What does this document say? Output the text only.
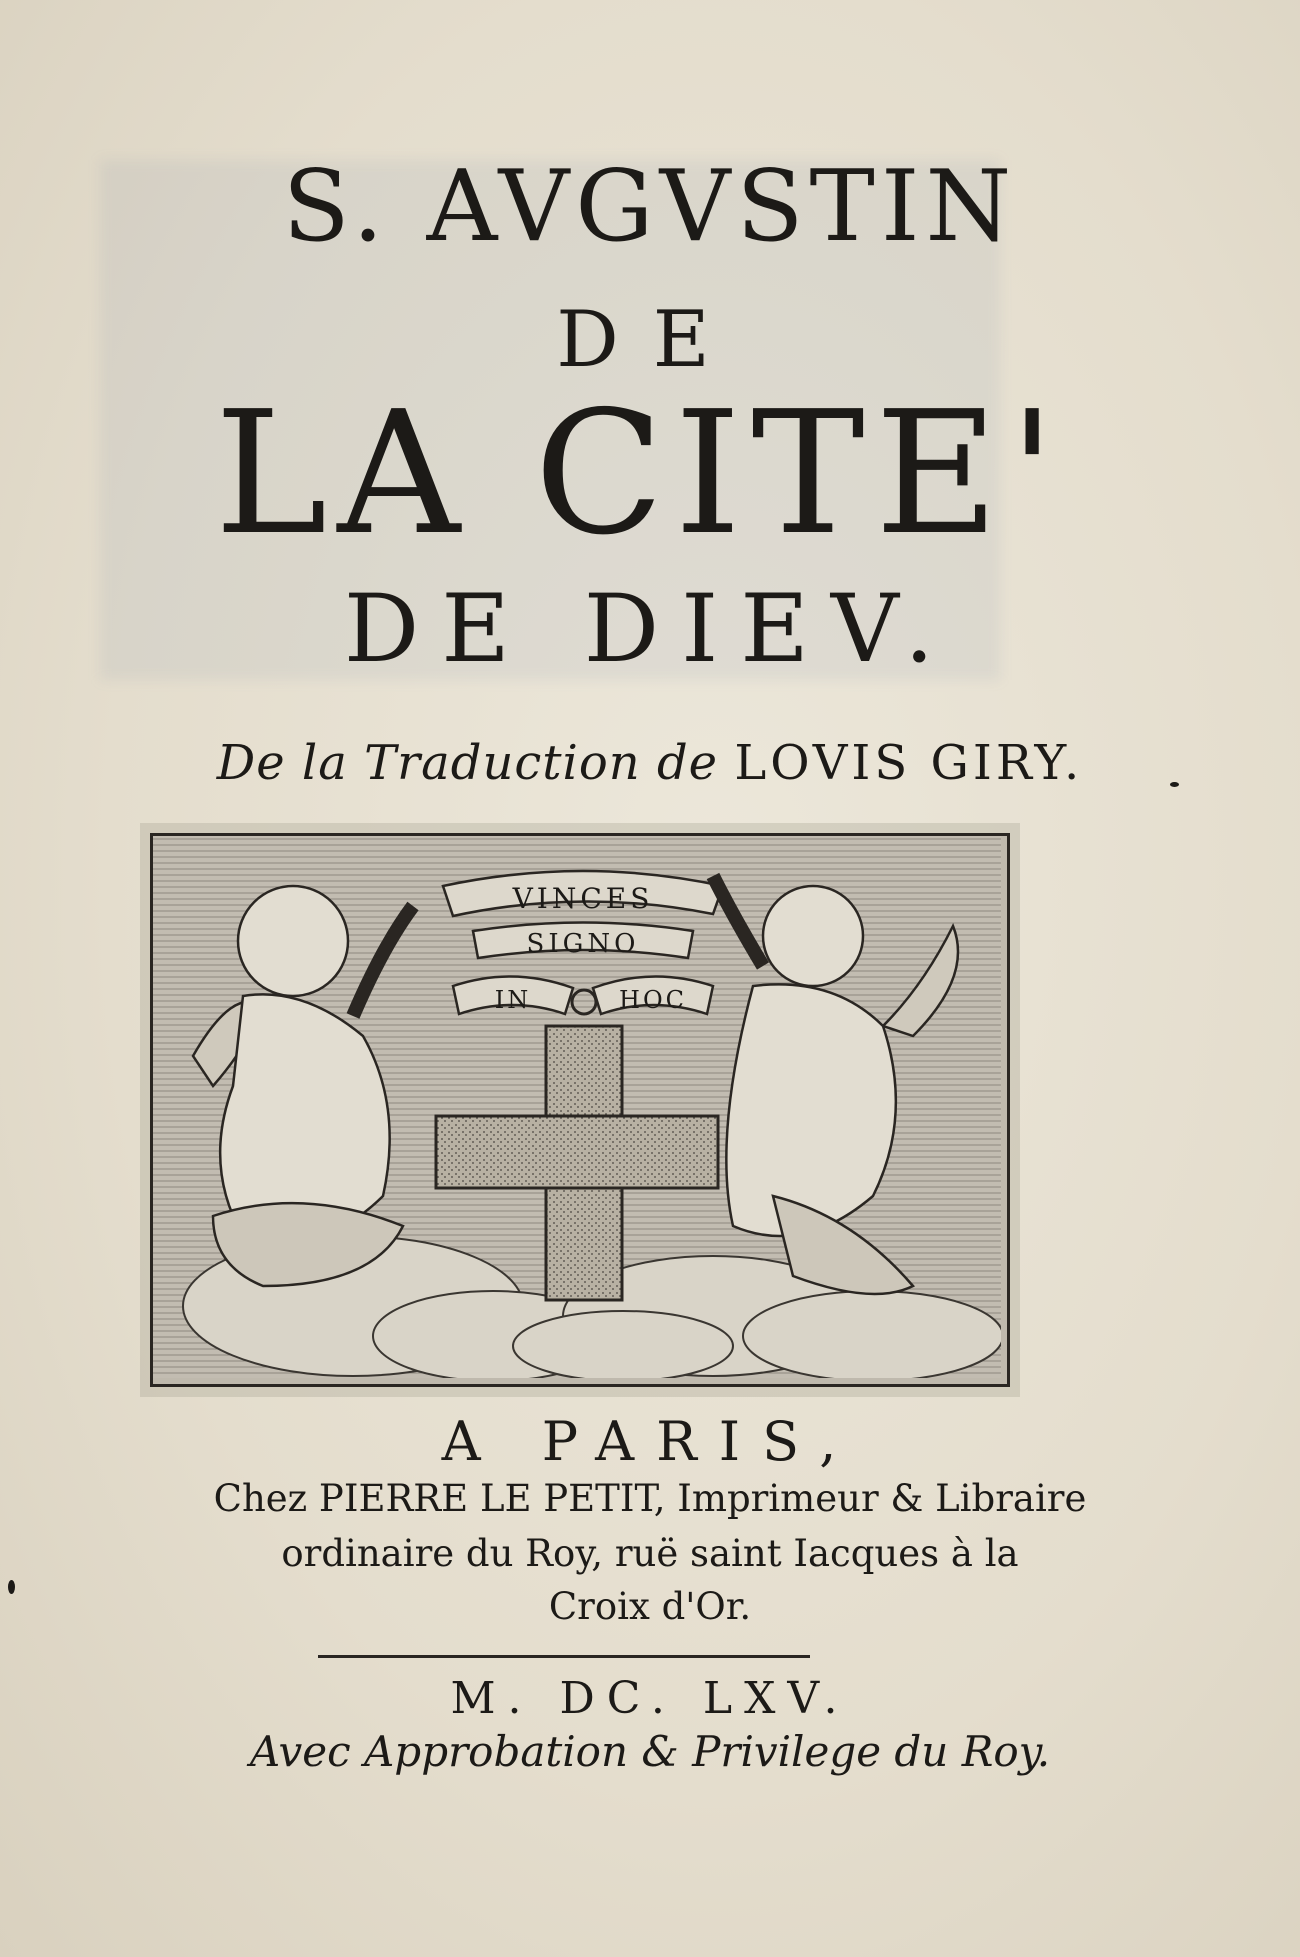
S. AVGVSTIN
DE
LA CITE'
DE DIEV.
De la Traduction de LOVIS GIRY.
VINCES
SIGNO
IN	HOC
A PARIS,
Chez PIERRE LE PETIT, Imprimeur & Libraire
ordinaire du Roy, ruë saint Iacques à la
Croix d'Or.
M. DC. LXV.
Avec Approbation & Privilege du Roy.
